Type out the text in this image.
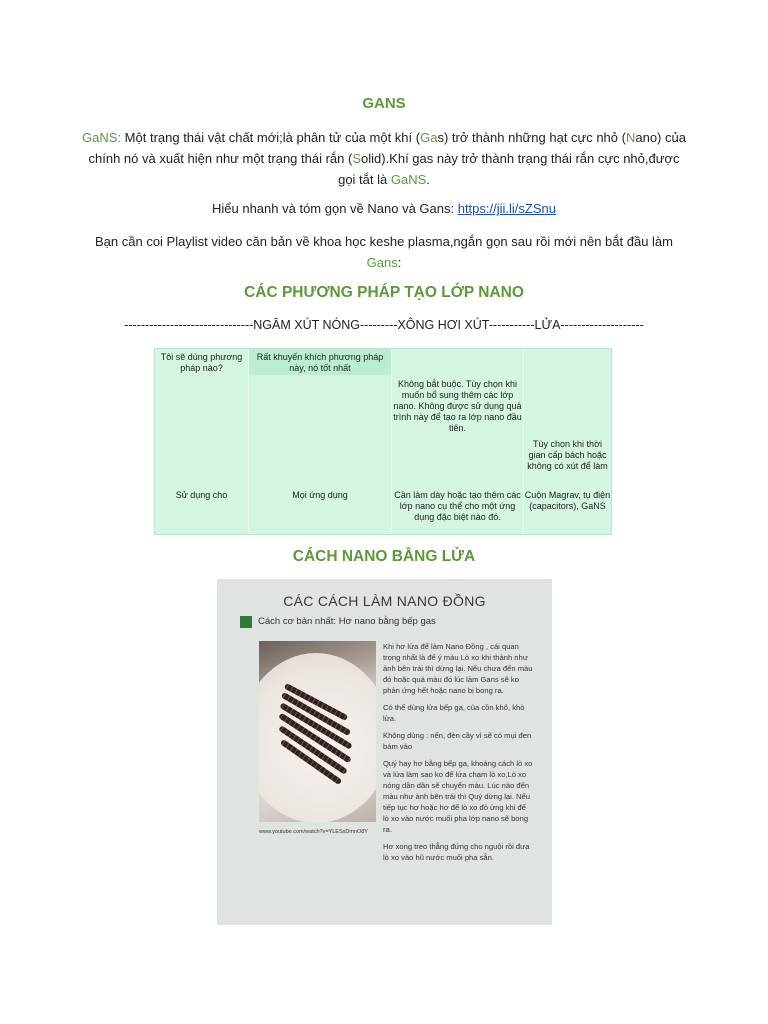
GANS
GaNS: Một trạng thái vật chất mới;là phân tử của một khí (Gas) trở thành những hạt cực nhỏ (Nano) của chính nó và xuất hiện như một trạng thái rắn (Solid).Khí gas này trở thành trạng thái rắn cực nhỏ,được gọi tắt là GaNS.
Hiểu nhanh và tóm gọn về Nano và Gans: https://jii.li/sZSnu
Bạn cần coi Playlist video căn bản về khoa học keshe plasma,ngắn gọn sau rồi mới nên bắt đầu làm Gans:
CÁC PHƯƠNG PHÁP TẠO LỚP NANO
-------------------------------NGÂM XÚT NÓNG---------XÔNG HƠI XÚT-----------LỬA--------------------
Tôi sẽ dùng phương pháp nào?
Rất khuyến khích phương pháp này, nó tốt nhất
Không bắt buộc. Tùy chọn khi muốn bổ sung thêm các lớp nano. Không được sử dụng quá trình này để tạo ra lớp nano đầu tiên.
Tùy chọn khi thời gian cấp bách hoặc không có xút để làm
Sử dụng cho	Mọi ứng dụng	Cần làm dày hoặc tạo thêm các lớp nano cụ thể cho một ứng dụng đặc biệt nào đó.
Cuộn Magrav, tụ điện (capacitors), GaNS
CÁCH NANO BẰNG LỬA
CÁC CÁCH LÀM NANO ĐỒNG
Cách cơ bản nhất: Hơ nano bằng bếp gas
www.youtube.com/watch?v=YLESxDmnO8Y

Khi hơ lửa để làm Nano Đồng , cái quan trọng nhất là để ý màu Lò xo khi thành như ảnh bên trái thì dừng lại. Nếu chưa đến màu đó hoặc quá màu đó lúc làm Gans sẽ ko phản ứng hết hoặc nano bị bong ra.

Có thể dùng lửa bếp ga, của cồn khô, khò lửa.

Không dùng : nến, đèn cầy vì sẽ có mụi đen bám vào

Quý hay hơ bằng bếp ga, khoảng cách lò xo và lửa làm sao ko để lửa chạm lò xo,Lò xo nóng dần dần sẽ chuyển màu. Lúc nào đến màu như ảnh bên trái thì Quý dừng lại. Nếu tiếp tục hơ hoặc hơ để lò xo đỏ ửng khi để lò xo vào nước muối pha lớp nano sẽ bong ra.

Hơ xong treo thẳng đứng cho nguội rồi đưa lò xo vào hũ nước muối pha sẵn.
